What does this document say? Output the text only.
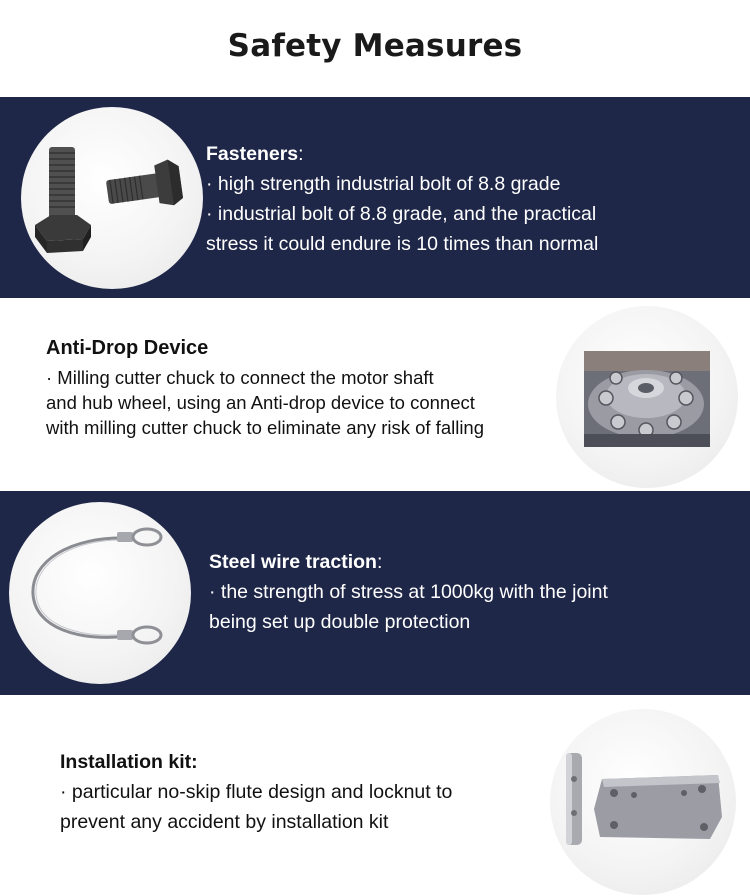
Safety Measures
Fasteners:
· high strength industrial bolt of 8.8 grade
· industrial bolt of 8.8 grade, and the practical
stress it could endure is 10 times than normal
Anti-Drop Device
· Milling cutter chuck to connect the motor shaft
and hub wheel, using an Anti-drop device to connect
with milling cutter chuck to eliminate any risk of falling
Steel wire traction:
· the strength of stress at 1000kg with the joint
being set up double protection
Installation kit:
· particular no-skip flute design and locknut to
prevent any accident by installation kit
